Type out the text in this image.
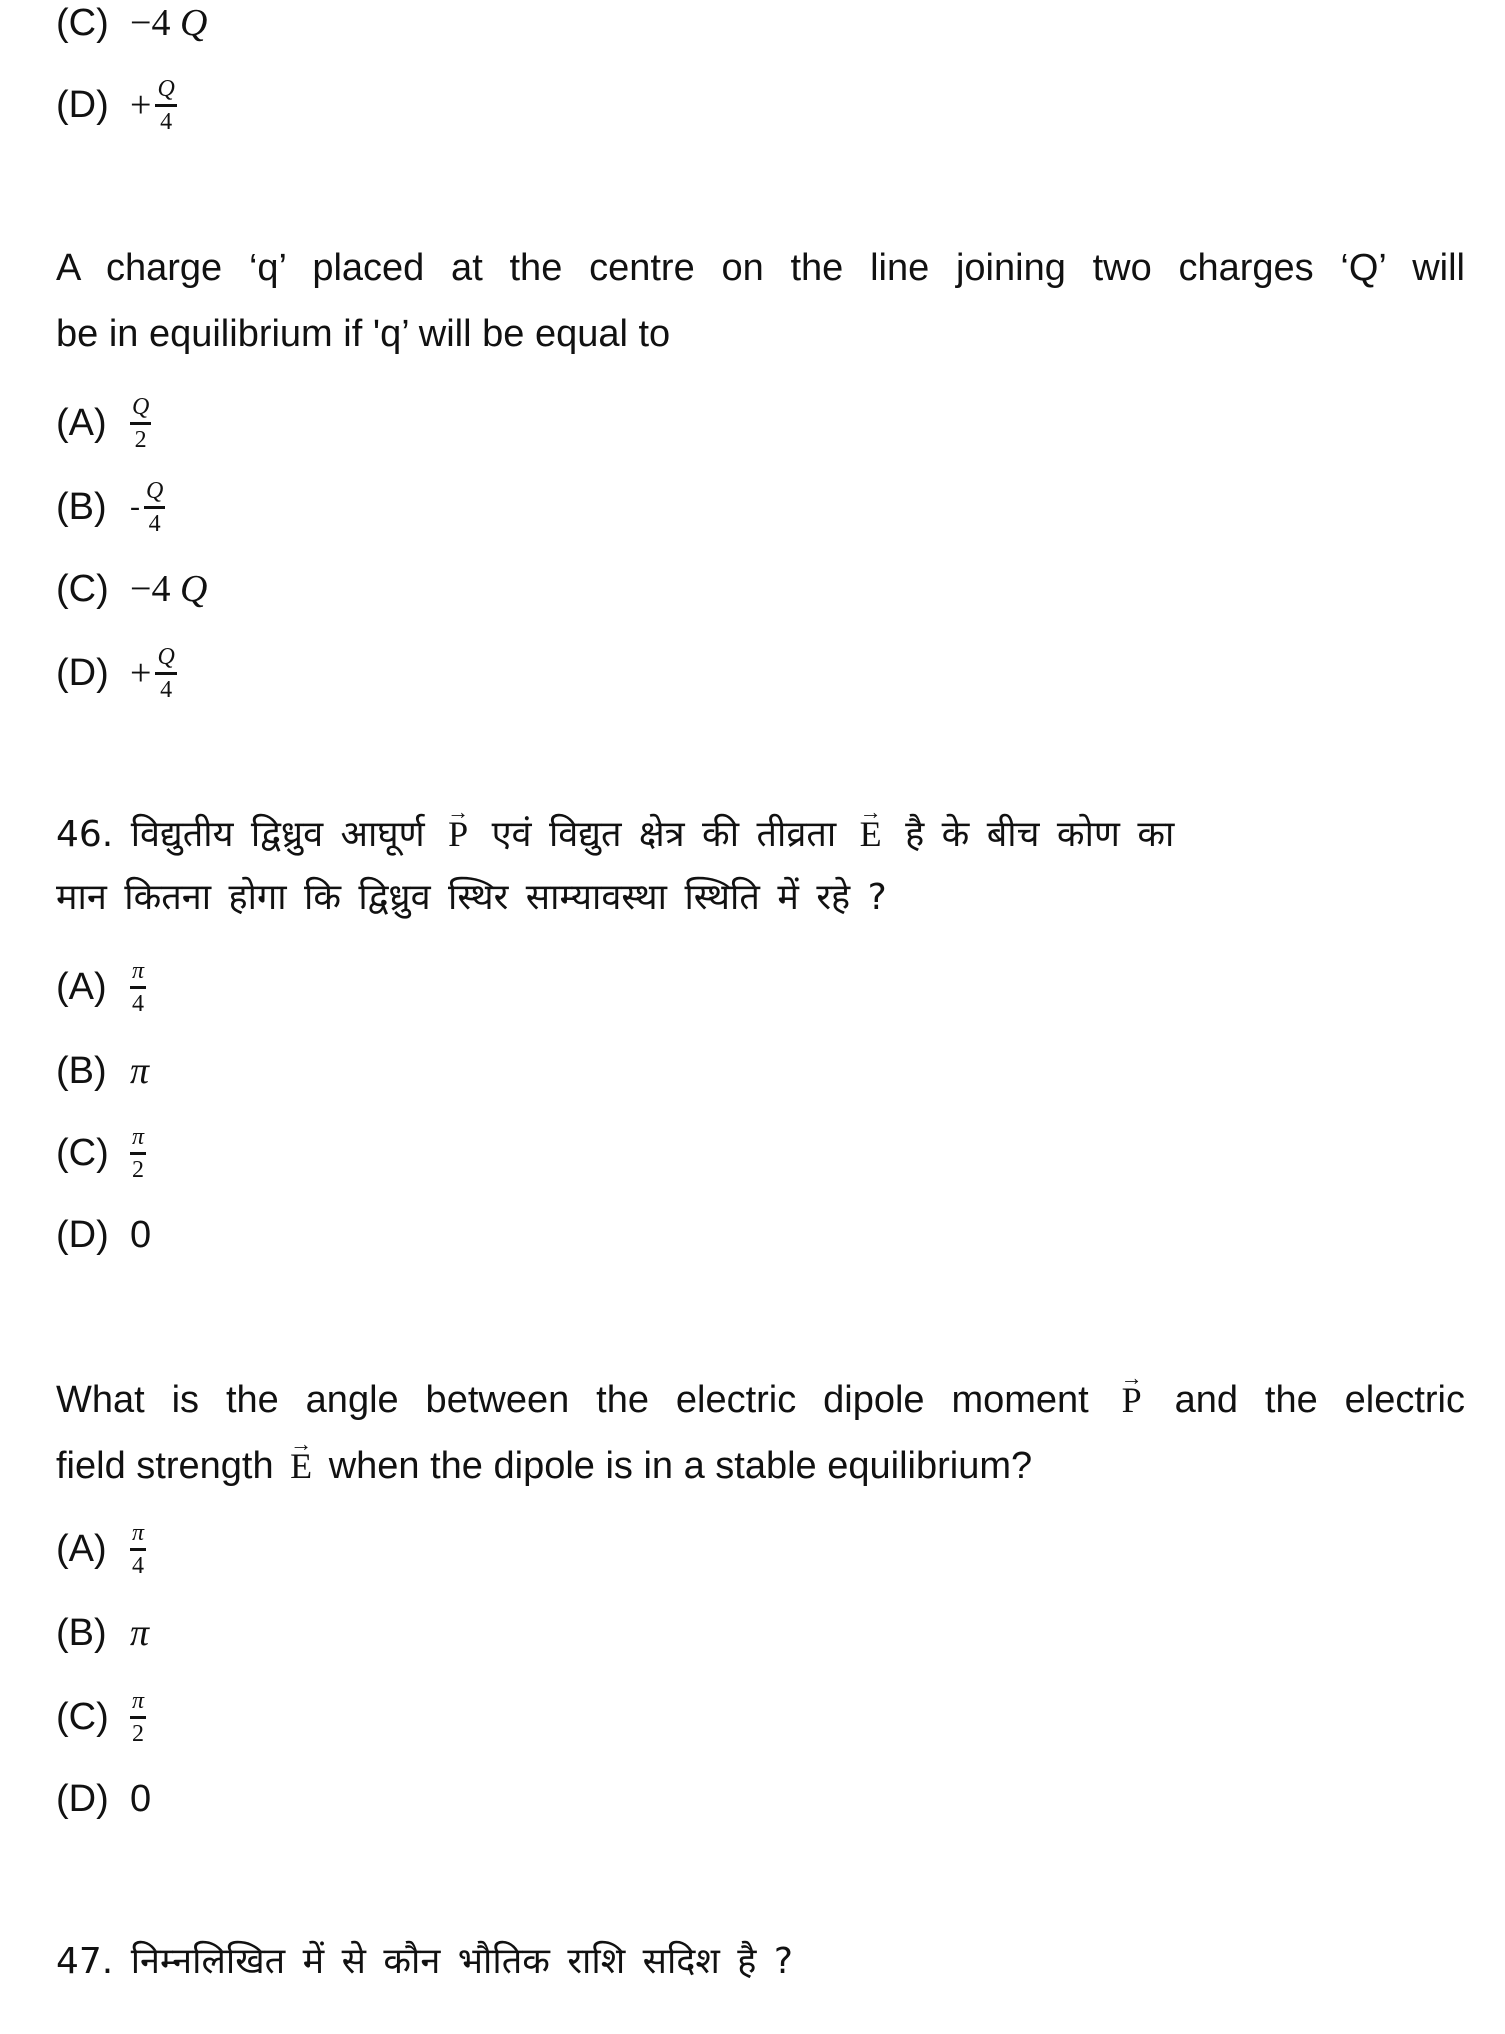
(C) − 4
Q
$(D) + \frac{Q}{4}$
A charge ‘q’ placed at the centre on the line joining two charges ‘Q’ will
be in equilibrium if 'q’ will be equal to
$(A) \frac{Q}{2}$
$(B) - \frac{Q}{4}$
(C) − 4
Q
$(D) + \frac{Q}{4}$
46. विद्युतीय द्विध्रुव आघूर्ण → P एवं विद्युत क्षेत्र की तीव्रता → E है के बीच कोण का
मान कितना होगा कि द्विध्रुव स्थिर साम्यावस्था स्थिति में रहे ?
$(A) \frac{\pi}{4}$
(B) π
$(C) \frac{\pi}{2}$
(D) 0
What is the angle between the electric dipole moment → P and the electric
field strength → E when the dipole is in a stable equilibrium?
$(A) \frac{\pi}{4}$
(B) π
$(C) \frac{\pi}{2}$
(D) 0
47. निम्नलिखित में से कौन भौतिक राशि सदिश है ?
